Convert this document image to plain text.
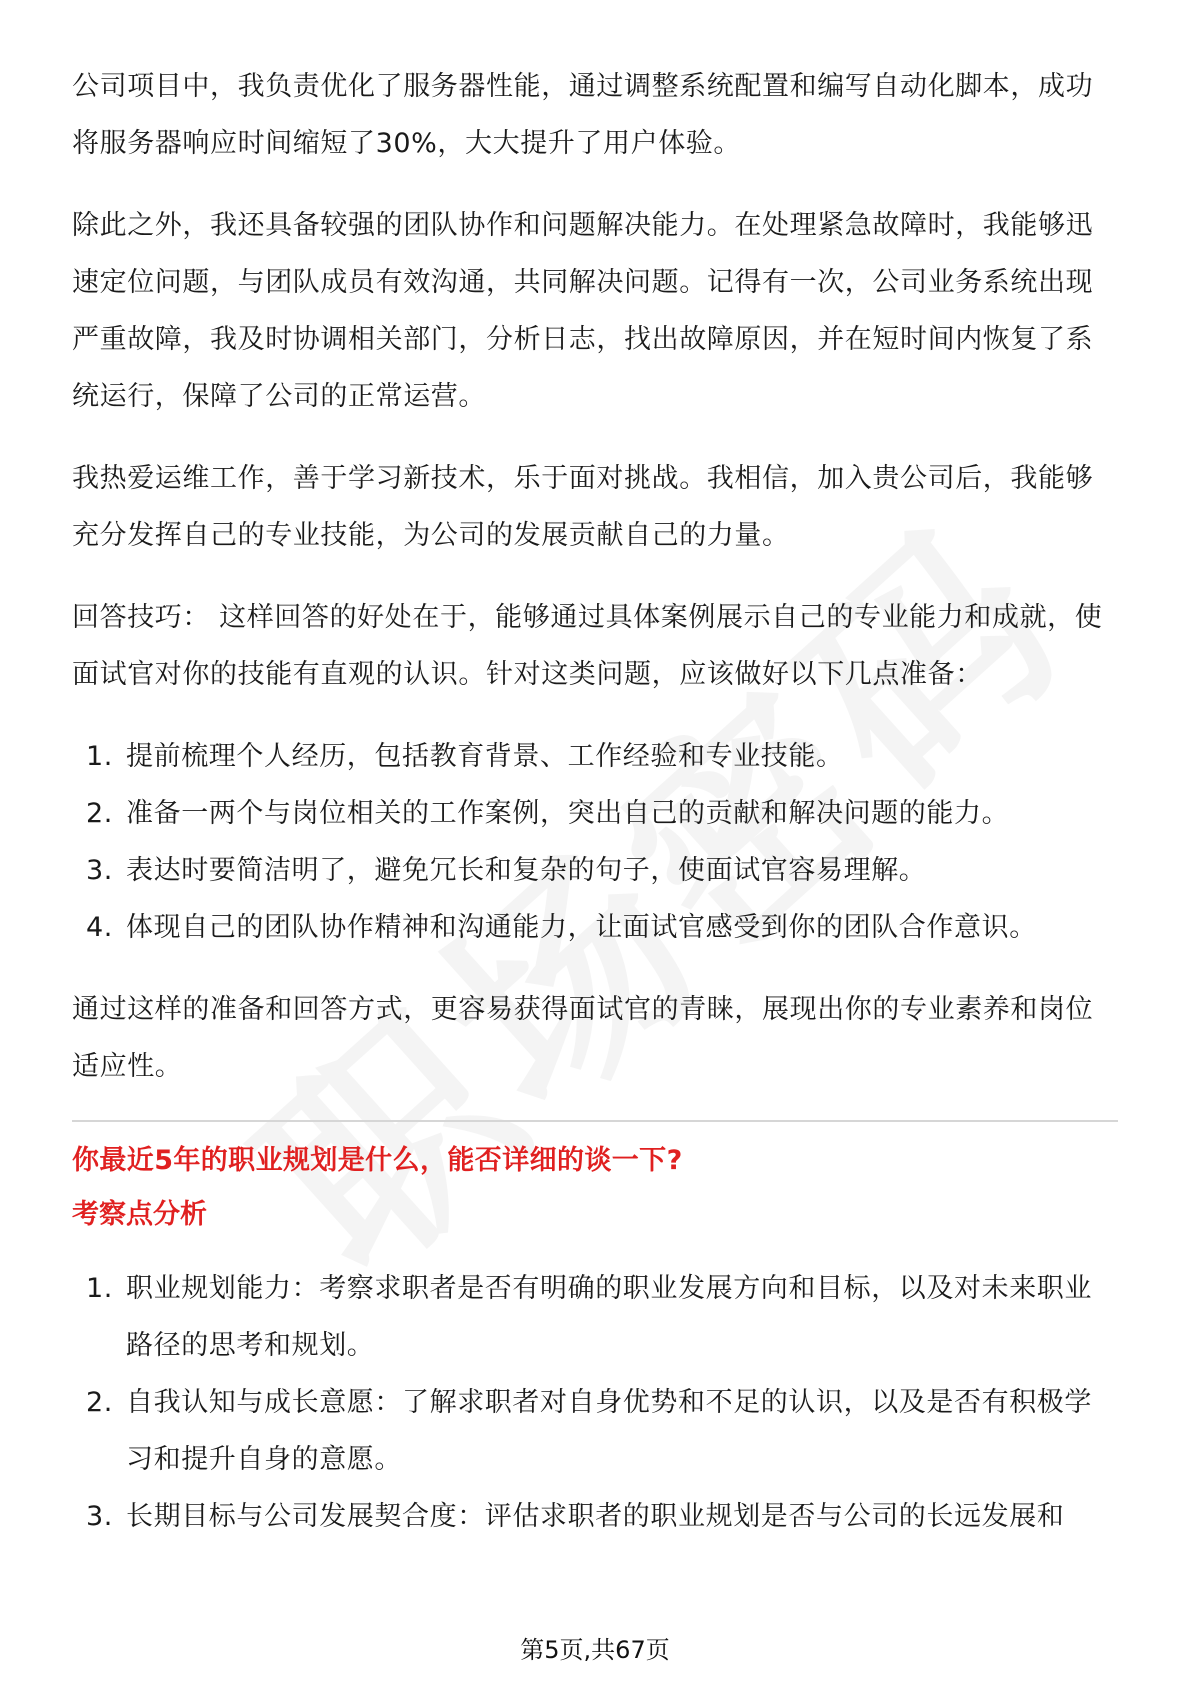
公司项目中，我负责优化了服务器性能，通过调整系统配置和编写自动化脚本，成功将服务器响应时间缩短了30%，大大提升了用户体验。

除此之外，我还具备较强的团队协作和问题解决能力。在处理紧急故障时，我能够迅速定位问题，与团队成员有效沟通，共同解决问题。记得有一次，公司业务系统出现严重故障，我及时协调相关部门，分析日志，找出故障原因，并在短时间内恢复了系统运行，保障了公司的正常运营。

我热爱运维工作，善于学习新技术，乐于面对挑战。我相信，加入贵公司后，我能够充分发挥自己的专业技能，为公司的发展贡献自己的力量。

回答技巧： 这样回答的好处在于，能够通过具体案例展示自己的专业能力和成就，使面试官对你的技能有直观的认识。针对这类问题，应该做好以下几点准备：

1. 提前梳理个人经历，包括教育背景、工作经验和专业技能。
2. 准备一两个与岗位相关的工作案例，突出自己的贡献和解决问题的能力。
3. 表达时要简洁明了，避免冗长和复杂的句子，使面试官容易理解。
4. 体现自己的团队协作精神和沟通能力，让面试官感受到你的团队合作意识。

通过这样的准备和回答方式，更容易获得面试官的青睐，展现出你的专业素养和岗位适应性。

你最近5年的职业规划是什么，能否详细的谈一下?
考察点分析
1. 职业规划能力：考察求职者是否有明确的职业发展方向和目标，以及对未来职业路径的思考和规划。
2. 自我认知与成长意愿：了解求职者对自身优势和不足的认识，以及是否有积极学习和提升自身的意愿。
3. 长期目标与公司发展契合度：评估求职者的职业规划是否与公司的长远发展和
第5页,共67页
